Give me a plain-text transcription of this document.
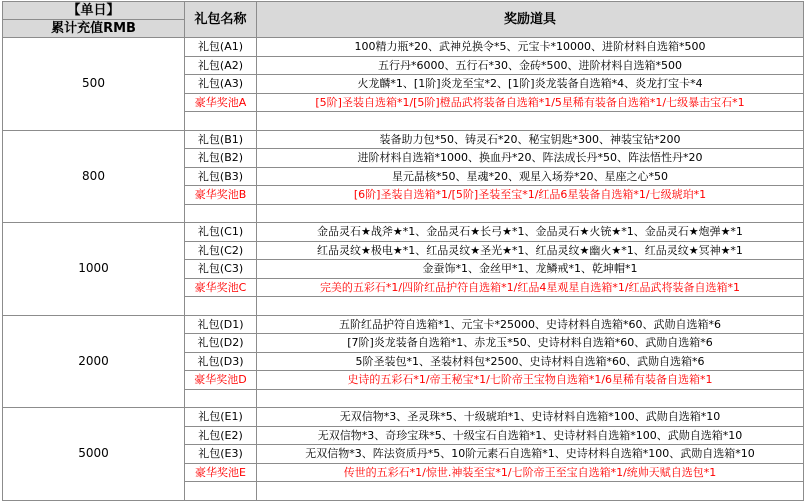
【单日】	礼包名称	奖励道具
累计充值RMB		
500	礼包(A1)	100精力瓶*20、武神兑换令*5、元宝卡*10000、进阶材料自选箱*500
	礼包(A2)	五行丹*6000、五行石*30、金砖*500、进阶材料自选箱*500
	礼包(A3)	火龙麟*1、[1阶]炎龙至宝*2、[1阶]炎龙装备自选箱*4、炎龙打宝卡*4
	豪华奖池A	[5阶]圣装自选箱*1/[5阶]橙品武将装备自选箱*1/5星稀有装备自选箱*1/七级暴击宝石*1

800	礼包(B1)	装备助力包*50、铸灵石*20、秘宝钥匙*300、神装宝钻*200
	礼包(B2)	进阶材料自选箱*1000、换血丹*20、阵法成长丹*50、阵法悟性丹*20
	礼包(B3)	星元晶核*50、星魂*20、观星入场券*20、星座之心*50
	豪华奖池B	[6阶]圣装自选箱*1/[5阶]圣装至宝*1/红品6星装备自选箱*1/七级琥珀*1

1000	礼包(C1)	金品灵石★战斧★*1、金品灵石★长弓★*1、金品灵石★火铳★*1、金品灵石★炮弹★*1
	礼包(C2)	红品灵纹★极电★*1、红品灵纹★圣光★*1、红品灵纹★幽火★*1、红品灵纹★冥神★*1
	礼包(C3)	金蚕饰*1、金丝甲*1、龙鳞戒*1、乾坤帽*1
	豪华奖池C	完美的五彩石*1/四阶红品护符自选箱*1/红品4星观星自选箱*1/红品武将装备自选箱*1

2000	礼包(D1)	五阶红品护符自选箱*1、元宝卡*25000、史诗材料自选箱*60、武勋自选箱*6
	礼包(D2)	[7阶]炎龙装备自选箱*1、赤龙玉*50、史诗材料自选箱*60、武勋自选箱*6
	礼包(D3)	5阶圣装包*1、圣装材料包*2500、史诗材料自选箱*60、武勋自选箱*6
	豪华奖池D	史诗的五彩石*1/帝王秘宝*1/七阶帝王宝物自选箱*1/6星稀有装备自选箱*1

5000	礼包(E1)	无双信物*3、圣灵珠*5、十级琥珀*1、史诗材料自选箱*100、武勋自选箱*10
	礼包(E2)	无双信物*3、奇珍宝珠*5、十级宝石自选箱*1、史诗材料自选箱*100、武勋自选箱*10
	礼包(E3)	无双信物*3、阵法资质丹*5、10阶元素石自选箱*1、史诗材料自选箱*100、武勋自选箱*10
	豪华奖池E	传世的五彩石*1/惊世.神装至宝*1/七阶帝王至宝自选箱*1/统帅天赋自选包*1
